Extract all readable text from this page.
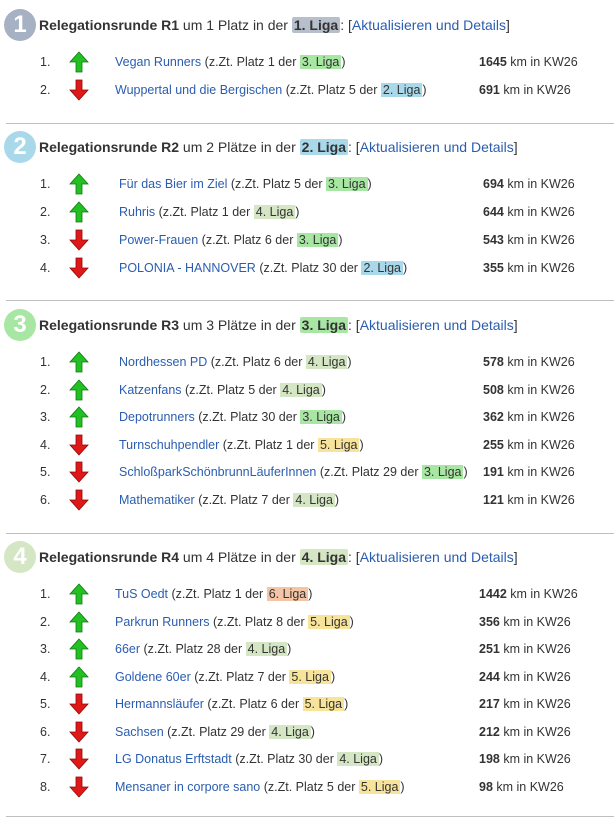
1 Relegationsrunde R1 um 1 Platz in der 1. Liga : [Aktualisieren und Details]
1.	Vegan Runners (z.Zt. Platz 1 der 3. Liga )	1645 km in KW26
2.	Wuppertal und die Bergischen (z.Zt. Platz 5 der 2. Liga )	691 km in KW26
2 Relegationsrunde R2 um 2 Plätze in der 2. Liga : [Aktualisieren und Details]
1.	Für das Bier im Ziel (z.Zt. Platz 5 der 3. Liga )	694 km in KW26
2.	Ruhris (z.Zt. Platz 1 der 4. Liga )	644 km in KW26
3.	Power-Frauen (z.Zt. Platz 6 der 3. Liga )	543 km in KW26
4.	POLONIA - HANNOVER (z.Zt. Platz 30 der 2. Liga )	355 km in KW26
3 Relegationsrunde R3 um 3 Plätze in der 3. Liga : [Aktualisieren und Details]
1.	Nordhessen PD (z.Zt. Platz 6 der 4. Liga )	578 km in KW26
2.	Katzenfans (z.Zt. Platz 5 der 4. Liga )	508 km in KW26
3.	Depotrunners (z.Zt. Platz 30 der 3. Liga )	362 km in KW26
4.	Turnschuhpendler (z.Zt. Platz 1 der 5. Liga )	255 km in KW26
5.	SchloßparkSchönbrunnLäuferInnen (z.Zt. Platz 29 der 3. Liga ) 191 km in KW26
6.	Mathematiker (z.Zt. Platz 7 der 4. Liga )	121 km in KW26
4 Relegationsrunde R4 um 4 Plätze in der 4. Liga : [Aktualisieren und Details]
1.	TuS Oedt (z.Zt. Platz 1 der 6. Liga )	1442 km in KW26
2.	Parkrun Runners (z.Zt. Platz 8 der 5. Liga )	356 km in KW26
3.	66er (z.Zt. Platz 28 der 4. Liga )	251 km in KW26
4.	Goldene 60er (z.Zt. Platz 7 der 5. Liga )	244 km in KW26
5.	Hermannsläufer (z.Zt. Platz 6 der 5. Liga )	217 km in KW26
6.	Sachsen (z.Zt. Platz 29 der 4. Liga )	212 km in KW26
7.	LG Donatus Erftstadt (z.Zt. Platz 30 der 4. Liga )	198 km in KW26
8.	Mensaner in corpore sano (z.Zt. Platz 5 der 5. Liga )	98 km in KW26
